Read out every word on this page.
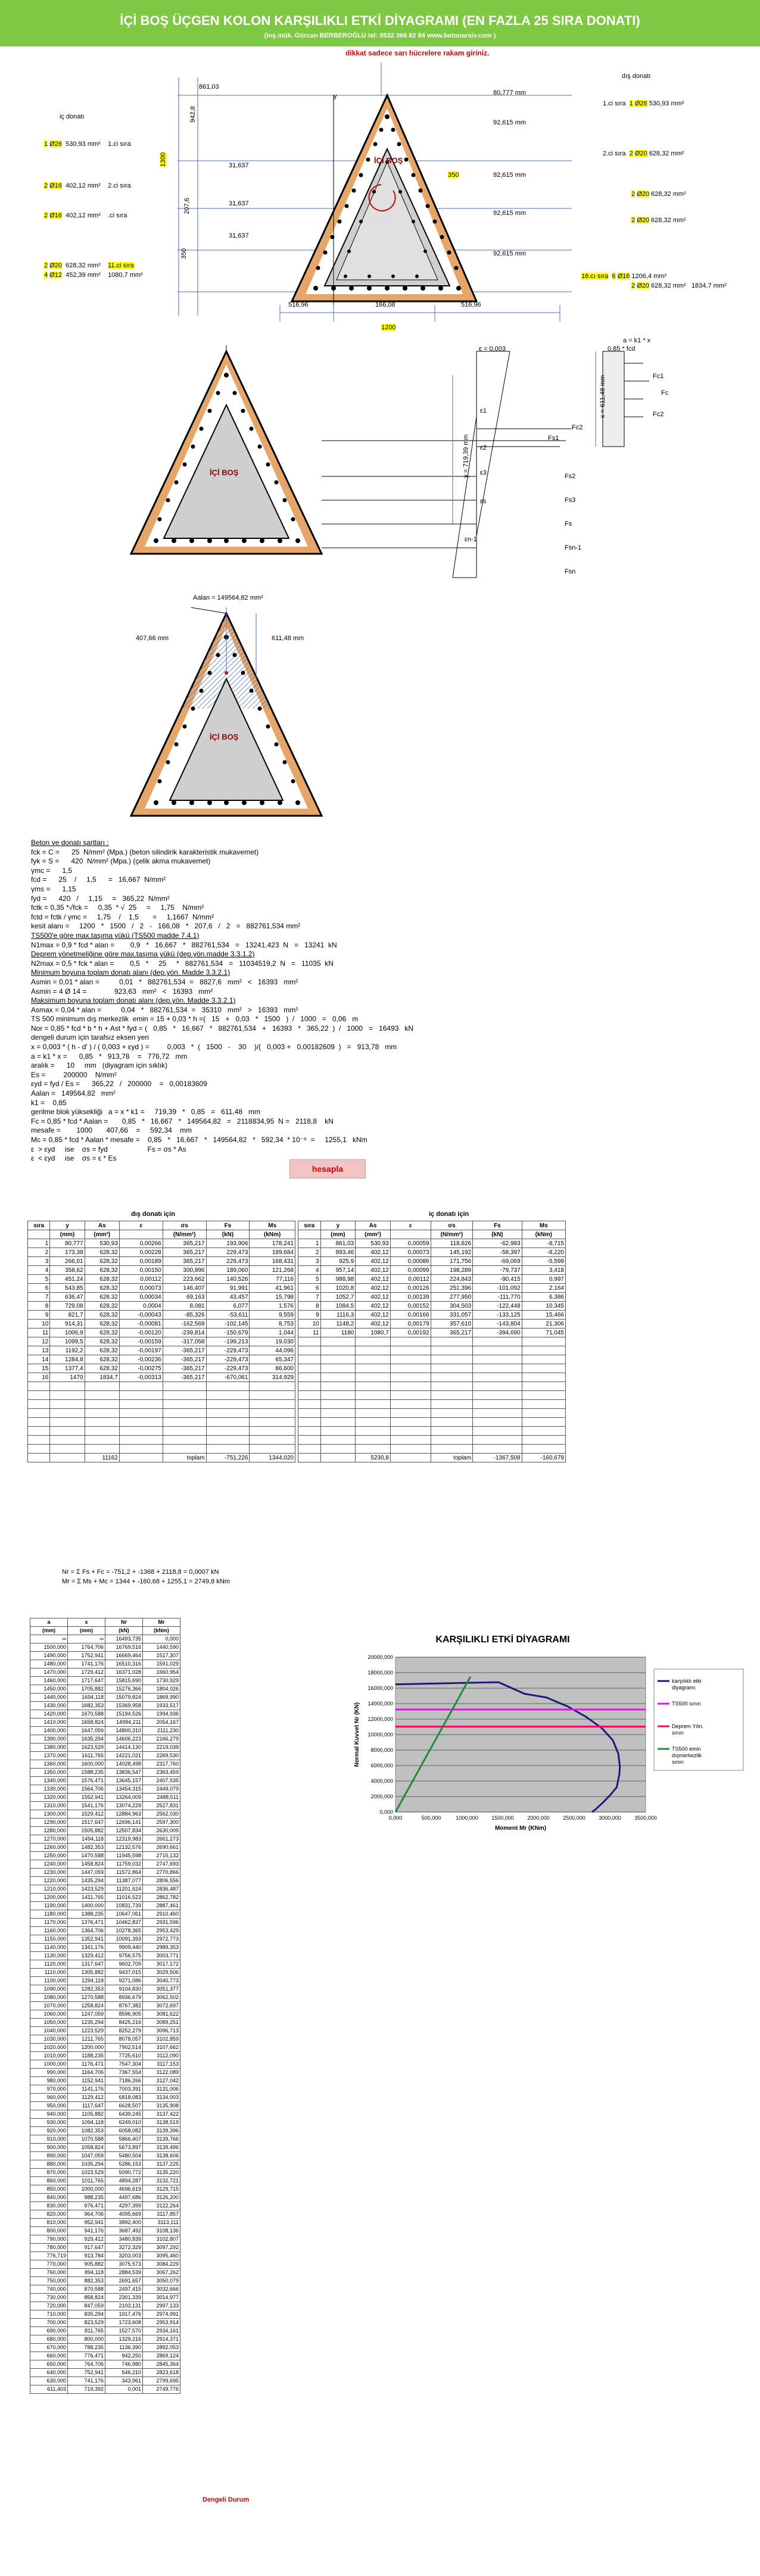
İÇİ BOŞ ÜÇGEN KOLON KARŞILIKLI ETKİ DİYAGRAMI (EN FAZLA 25 SIRA DONATI)
(inş.mük. Gürcan BERBEROĞLU tel: 0532 366 82 84 www.betonarsiv.com )
dikkat sadece sarı hücrelere rakam giriniz.
İÇİ BOŞ
y
861,03
942,8
1300
207,6
350
31,637
31,637
31,637
80,777 mm
92,615 mm
92,615 mm
92,615 mm
92,615 mm
350
516,96	166,08	516,96
1200
iç donatı
1 Ø26 530,93 mm² 1.ci sıra
2 Ø16 402,12 mm² 2.ci sıra
2 Ø16 402,12 mm² .ci sıra
2 Ø20 628,32 mm² 11.ci sıra
4 Ø12 452,39 mm² 1080,7 mm²
dış donatı
1.ci sıra 1 Ø26 530,93 mm²
2.ci sıra 2 Ø20 628,32 mm²
2 Ø20 628,32 mm²
2 Ø20 628,32 mm²
16.cı sıra 6 Ø16 1206,4 mm²
2 Ø20 628,32 mm² 1834,7 mm²
a = k1 * x
0,85 * fcd
ε = 0,003
y = 719,39 mm
x = 611,48 mm	Fc1
Fc
Fc2
Fc2
Fs1
Fs2
Fs3
Fs
Fsn-1
Fsn
ε1
ε2
ε3
εs
εn-1
İÇİ BOŞ
Aalan = 149564,82 mm²
407,66 mm	611,48 mm
İÇİ BOŞ
Beton ve donatı şartları :
fck = C =      25  N/mm² (Mpa.) (beton silindirik karakteristik mukavemet)
fyk = S =      420  N/mm² (Mpa.) (çelik akma mukavemet)
γmc =      1,5
fcd =      25    /     1,5      =   16,667  N/mm²
γms =      1,15
fyd =      420   /     1,15     =   365,22  N/mm²
fctk = 0,35 *√fck =     0,35  * √  25     =     1,75    N/mm²
fctd = fctk / γmc =     1,75    /    1,5       =     1,1667  N/mm²
kesit alanı =     1200   *   1500   /   2   -   166,08   *   207,6   /   2   =   882761,534 mm²
TS500'e göre max.taşıma yükü (TS500 madde 7.4.1)
N1max = 0,9 * fcd * alan =        0,9   *   16,667   *   882761,534   =   13241,423  N   =   13241  kN
Deprem yönetmeliğine göre max.taşıma yükü (dep.yön.madde 3.3.1.2)
N2max = 0,5 * fck * alan =        0,5   *     25     *   882761,534   =   11034519,2  N   =   11035  kN
Minimum boyuna toplam donatı alanı (dep.yön. Madde 3.3.2.1)
Asmin = 0,01 * alan =          0,01   *   882761,534  =   8827,6   mm²   <   16393   mm²
Asmin = 4 Ø 14 =              923,63   mm²   <   16393   mm²
Maksimum boyuna toplam donatı alanı (dep.yön. Madde 3.3.2.1)
Asmax = 0,04 * alan =          0,04   *   882761,534  =   35310   mm²   >   16393   mm²
TS 500 minimum dış merkezlik  emin = 15 + 0,03 * h =(   15   +   0,03   *   1500   )  /   1000   =   0,06   m
Nor = 0,85 * fcd * b * h + Ast * fyd = (   0,85   *   16,667   *   882761,534   +   16393   *   365,22  )  /   1000   =   16493   kN
dengeli durum için tarafsız eksen yeri
x = 0,003 * ( h - d' ) / ( 0,003 + εyd ) =         0,003   *  (   1500   -    30    )/(   0,003 +   0,00182609  )   =   913,78   mm
a = k1 * x =      0,85   *   913,78    =   776,72   mm
aralık =      10     mm   (diyagram için sıklık)
Es =         200000    N/mm²
εyd = fyd / Es =      365,22   /   200000    =   0,00183609
Aalan =   149564,82   mm²
k1 =    0,85
gerilme blok yüksekliği   a = x * k1 =     719,39   *   0,85   =   611,48   mm
Fc = 0,85 * fcd * Aalan =       0,85   *   16,667   *   149564,82   =   2118834,95  N =   2118,8    kN
mesafe =        1000       407,66    =     592,34    mm
Mc = 0,85 * fcd * Aalan * mesafe =    0,85   *   16,667   *   149564,82   *   592,34  * 10⁻⁶  =     1255,1   kNm
ε  > εyd     ise    σs = fyd                    Fs = σs * As
ε  < εyd     ise    σs = ε * Es
hesapla
dış donatı için	iç donatı için
sıra	y	As	ε	σs	Fs	Ms
	(mm)	(mm²)		(N/mm²)	(kN)	(kNm)
1	80,777	530,93	0,00266	365,217	193,906	178,241
2	173,39	628,32	0,00228	365,217	229,473	189,684
3	266,01	628,32	0,00189	365,217	229,473	168,431
4	358,62	628,32	0,00150	300,896	189,060	121,268
5	451,24	628,32	0,00112	223,662	140,526	77,116
6	543,85	628,32	0,00073	146,407	91,991	41,961
7	636,47	628,32	0,00034	69,163	43,457	15,798
8	729,08	628,32	0,0004	8,081	6,077	1,576
9	821,7	628,32	-0,00043	-85,326	-53,611	9,559
10	914,31	628,32	-0,00081	-162,569	-102,145	8,753
11	1006,9	628,32	-0,00120	-239,814	-150,679	1,044
12	1099,5	628,32	-0,00159	-317,058	-199,213	19,030
13	1192,2	628,32	-0,00197	-365,217	-229,473	44,096
14	1284,8	628,32	-0,00236	-365,217	-229,473	65,347
15	1377,4	628,32	-0,00275	-365,217	-229,473	86,600
16	1470	1834,7	-0,00313	-365,217	-670,061	314,929

		11162		toplam	-751,226	1344,020
sıra	y	As	ε	σs	Fs	Ms
	(mm)	(mm²)		(N/mm²)	(kN)	(kNm)
1	861,03	530,93	0,00059	118,826	-62,983	-8,715
2	893,46	402,12	0,00073	145,192	-58,397	-8,220
3	925,9	402,12	0,00086	171,756	-69,069	-5,599
4	957,14	402,12	0,00099	198,289	-79,737	3,418
5	988,98	402,12	0,00112	224,843	-90,415	0,997
6	1020,8	402,12	0,00126	251,396	-101,092	2,164
7	1052,7	402,12	0,00139	277,950	-111,770	6,386
8	1084,5	402,12	0,00152	304,503	-122,448	10,345
9	1116,3	402,12	0,00166	331,057	-133,125	15,466
10	1148,2	402,12	0,00179	357,610	-143,804	21,306
11	1180	1080,7	0,00192	365,217	-394,690	71,045

		5230,8		toplam	-1367,508	-160,679
Nr = Σ Fs + Fc = -751,2 + -1368 + 2118,8 = 0,0007 kN
Mr = Σ Ms + Mc = 1344 + -160,68 + 1255,1 = 2749,8 kNm
a	x	Nr	Mr
(mm)	(mm)	(kN)	(kNm)
∞	∞	16493,735	0,000
1500,000	1764,706	16769,516	1440,590
1490,000	1752,941	16669,464	1517,307
1480,000	1741,176	16510,316	1591,029
1470,000	1729,412	16371,028	1660,954
1460,000	1717,647	15815,690	1730,929
1450,000	1705,882	15276,366	1804,026
1440,000	1694,118	15079,824	1869,990
1430,000	1682,353	15369,958	1933,517
1420,000	1670,588	15194,526	1994,936
1410,000	1658,824	14994,211	2054,167
1400,000	1647,059	14800,310	2111,230
1390,000	1635,294	14606,223	2166,279
1380,000	1623,529	14414,130	2219,039
1370,000	1611,765	14221,021	2269,530
1360,000	1600,000	14028,498	2317,760
1350,000	1588,235	13836,547	2363,459
1340,000	1576,471	13645,157	2407,535
1330,000	1564,706	13454,315	2449,079
1320,000	1552,941	13264,009	2488,511
1310,000	1541,176	13074,229	2527,831
1300,000	1529,412	12884,963	2562,030
1290,000	1517,647	12696,141	2597,300
1280,000	1505,882	12507,834	2630,009
1270,000	1494,118	12319,983	2661,273
1260,000	1482,353	12132,576	2690,661
1250,000	1470,588	11945,598	2715,132
1240,000	1458,824	11759,032	2747,693
1230,000	1447,059	11572,864	2770,866
1220,000	1435,294	11387,077	2806,556
1210,000	1423,529	11201,624	2836,487
1200,000	1411,765	11016,523	2862,782
1190,000	1400,000	10831,739	2887,461
1180,000	1388,235	10647,061	2910,460
1170,000	1376,471	10462,837	2931,596
1160,000	1364,706	10278,365	2953,429
1150,000	1352,941	10091,393	2972,773
1140,000	1341,176	9909,440	2989,353
1130,000	1329,412	9756,575	3003,771
1120,000	1317,647	9602,709	3017,172
1110,000	1305,882	9437,015	3029,506
1100,000	1294,118	9271,086	3040,773
1090,000	1282,353	9104,830	3051,377
1080,000	1270,588	8936,679	3062,502
1070,000	1258,824	8767,382	3072,697
1060,000	1247,059	8596,905	3081,622
1050,000	1235,294	8425,216	3089,251
1040,000	1223,529	8252,279	3096,713
1030,000	1211,765	8078,057	3102,859
1020,000	1200,000	7902,514	3107,662
1010,000	1188,235	7725,610	3112,090
1000,000	1176,471	7547,304	3117,153
990,000	1164,706	7367,554	3122,089
980,000	1152,941	7186,266	3127,042
970,000	1141,176	7003,391	3131,006
960,000	1129,412	6818,083	3134,003
950,000	1117,647	6628,507	3135,908
940,000	1105,882	6439,245	3137,422
930,000	1094,118	6249,010	3138,519
920,000	1082,353	6058,082	3139,396
910,000	1070,588	5866,407	3139,766
900,000	1058,824	5673,897	3139,496
890,000	1047,059	5480,504	3138,606
880,000	1035,294	5286,153	3137,225
870,000	1023,529	5090,772	3135,220
860,000	1011,765	4894,287	3132,721
850,000	1000,000	4696,619	3129,715
840,000	988,235	4497,686	3126,200
830,000	976,471	4297,399	3122,264
820,000	964,706	4095,669	3117,857
810,000	952,941	3892,400	3113,111
800,000	941,176	3687,492	3108,136
790,000	929,412	3480,839	3102,807
780,000	917,647	3272,329	3097,292
776,719	913,784	3203,003	3095,460
770,000	905,882	3075,573	3084,229
760,000	894,118	2884,539	3067,262
750,000	882,353	2691,657	3050,079
740,000	870,588	2497,415	3032,666
730,000	858,824	2301,339	3014,977
720,000	847,059	2103,131	2997,133
710,000	835,294	1917,476	2974,991
700,000	823,529	1723,608	2953,914
690,000	811,765	1527,570	2934,161
680,000	800,000	1329,216	2914,371
670,000	788,235	1136,390	2892,053
660,000	776,471	942,250	2869,124
650,000	764,706	746,980	2845,364
640,000	752,941	546,210	2823,618
630,000	741,176	343,961	2799,695
611,403	719,392	0,001	2749,776
Dengeli Durum
KARŞILIKLI ETKİ DİYAGRAMI
0,000
2000,000
4000,000
6000,000
8000,000
10000,000
12000,000
14000,000
16000,000
18000,000
20000,000
0,000	500,000	1000,000 1500,000 2000,000 2500,000 3000,000 3500,000
Moment Mr (KNm)
Normal Kuvvet Nr (KN)
karşılıklı etki diyagramı
TS500 sınırı
Deprem Yön. sınırı
TS500 emin dışmerkezlik sınırı
